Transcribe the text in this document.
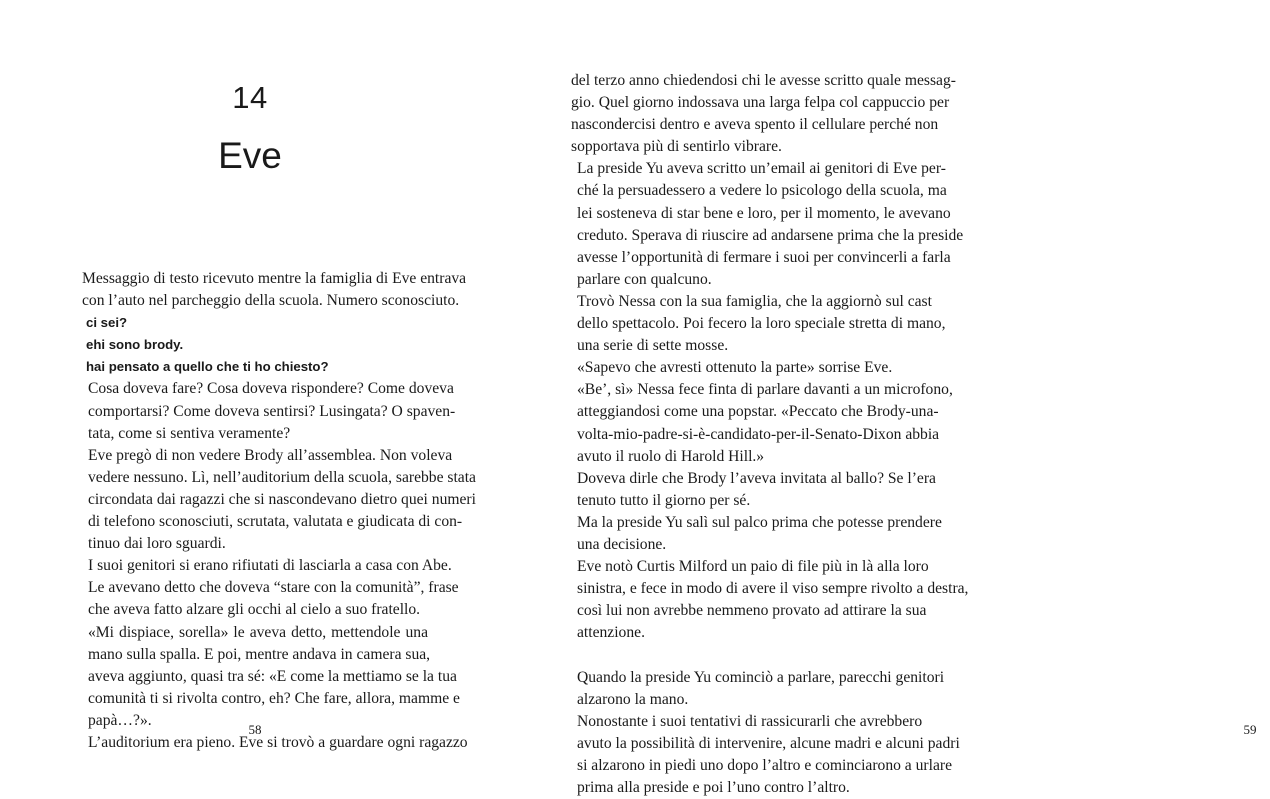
14
Eve

Messaggio di testo ricevuto mentre la famiglia di Eve entrava
con l’auto nel parcheggio della scuola. Numero sconosciuto.

ci sei?

ehi sono brody.

hai pensato a quello che ti ho chiesto?

Cosa doveva fare? Cosa doveva rispondere? Come doveva
comportarsi? Come doveva sentirsi? Lusingata? O spaven-
tata, come si sentiva veramente?

Eve pregò di non vedere Brody all’assemblea. Non voleva
vedere nessuno. Lì, nell’auditorium della scuola, sarebbe stata
circondata dai ragazzi che si nascondevano dietro quei numeri
di telefono sconosciuti, scrutata, valutata e giudicata di con-
tinuo dai loro sguardi.

I suoi genitori si erano rifiutati di lasciarla a casa con Abe.
Le avevano detto che doveva “stare con la comunità”, frase
che aveva fatto alzare gli occhi al cielo a suo fratello.

«Mi dispiace, sorella» le aveva detto, mettendole una
mano sulla spalla. E poi, mentre andava in camera sua,
aveva aggiunto, quasi tra sé: «E come la mettiamo se la tua
comunità ti si rivolta contro, eh? Che fare, allora, mamme e
papà…?».

L’auditorium era pieno. Eve si trovò a guardare ogni ragazzo

58	59

del terzo anno chiedendosi chi le avesse scritto quale messag-
gio. Quel giorno indossava una larga felpa col cappuccio per
nascondercisi dentro e aveva spento il cellulare perché non
sopportava più di sentirlo vibrare.

La preside Yu aveva scritto un’email ai genitori di Eve per-
ché la persuadessero a vedere lo psicologo della scuola, ma
lei sosteneva di star bene e loro, per il momento, le avevano
creduto. Sperava di riuscire ad andarsene prima che la preside
avesse l’opportunità di fermare i suoi per convincerli a farla
parlare con qualcuno.

Trovò Nessa con la sua famiglia, che la aggiornò sul cast
dello spettacolo. Poi fecero la loro speciale stretta di mano,
una serie di sette mosse.

«Sapevo che avresti ottenuto la parte» sorrise Eve.

«Be’, sì» Nessa fece finta di parlare davanti a un microfono,
atteggiandosi come una popstar. «Peccato che Brody-una-
volta-mio-padre-si-è-candidato-per-il-Senato-Dixon abbia
avuto il ruolo di Harold Hill.»

Doveva dirle che Brody l’aveva invitata al ballo? Se l’era
tenuto tutto il giorno per sé.

Ma la preside Yu salì sul palco prima che potesse prendere
una decisione.

Eve notò Curtis Milford un paio di file più in là alla loro
sinistra, e fece in modo di avere il viso sempre rivolto a destra,
così lui non avrebbe nemmeno provato ad attirare la sua
attenzione.

Quando la preside Yu cominciò a parlare, parecchi genitori
alzarono la mano.

Nonostante i suoi tentativi di rassicurarli che avrebbero
avuto la possibilità di intervenire, alcune madri e alcuni padri
si alzarono in piedi uno dopo l’altro e cominciarono a urlare
prima alla preside e poi l’uno contro l’altro.
